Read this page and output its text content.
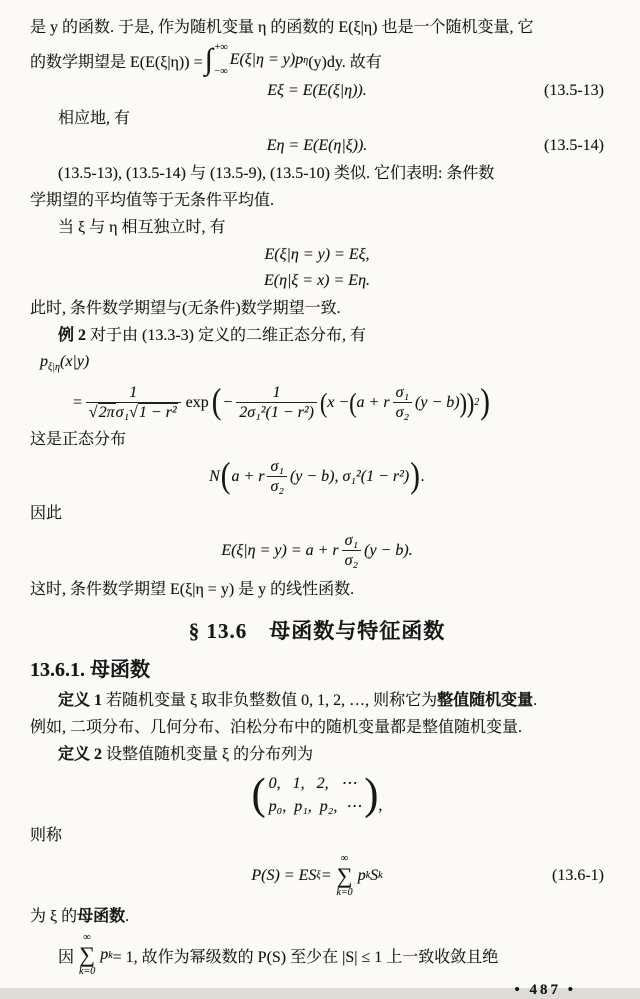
是 y 的函数. 于是, 作为随机变量 η 的函数的 E(ξ|η) 也是一个随机变量, 它

的数学期望是 E(E(ξ|η)) = ∫ +∞
−∞
E(ξ|η = y)p η (y)dy. 故有
Eξ = E(E(ξ|η)).	(13.5-13)

相应地, 有

Eη = E(E(η|ξ)).	(13.5-14)

(13.5-13), (13.5-14) 与 (13.5-9), (13.5-10) 类似. 它们表明: 条件数

学期望的平均值等于无条件平均值.

当 ξ 与 η 相互独立时, 有

E(ξ|η = y) = Eξ,
E(η|ξ = x) = Eη.

此时, 条件数学期望与(无条件)数学期望一致.

例 2 对于由 (13.3-3) 定义的二维正态分布, 有

$p_{\xi|\eta}(x|y)$

= $\frac{1}{\text{√2πσ₁√1 − r²}}$ exp ( − $\frac{1}{\text{2σ₁²(1 − r²)}}$ ( x − ( a + r $\frac{\text{σ₁}}{\text{σ₂}} (y - b)$ ) ) 2 )

这是正态分布

N ( a + r $\frac{\text{σ₁}}{\text{σ₂}} (y - b)$, σ₁²(1 − r²) ) .

因此

E(ξ|η = y) = a + r $\frac{\text{σ₁}}{\text{σ₂}} (y - b)$.

这时, 条件数学期望 E(ξ|η = y) 是 y 的线性函数.

§ 13.6　母函数与特征函数
13.6.1. 母函数

定义 1 若随机变量 ξ 取非负整数值 0, 1, 2, …, 则称它为整值随机变量.

例如, 二项分布、几何分布、泊松分布中的随机变量都是整值随机变量.

定义 2 设整值随机变量 ξ 的分布列为

( 0,   1,   2,   ⋯
p₀,  p₁,  p₂,  ⋯ ) ,

则称

P(S) = ES ξ =
∞
∑
k=0
p k S k	(13.6-1)

为 ξ 的母函数.

因
∞
∑
k=0
p k = 1, 故作为幂级数的 P(S) 至少在 |S| ≤ 1 上一致收敛且绝
• 487 •
